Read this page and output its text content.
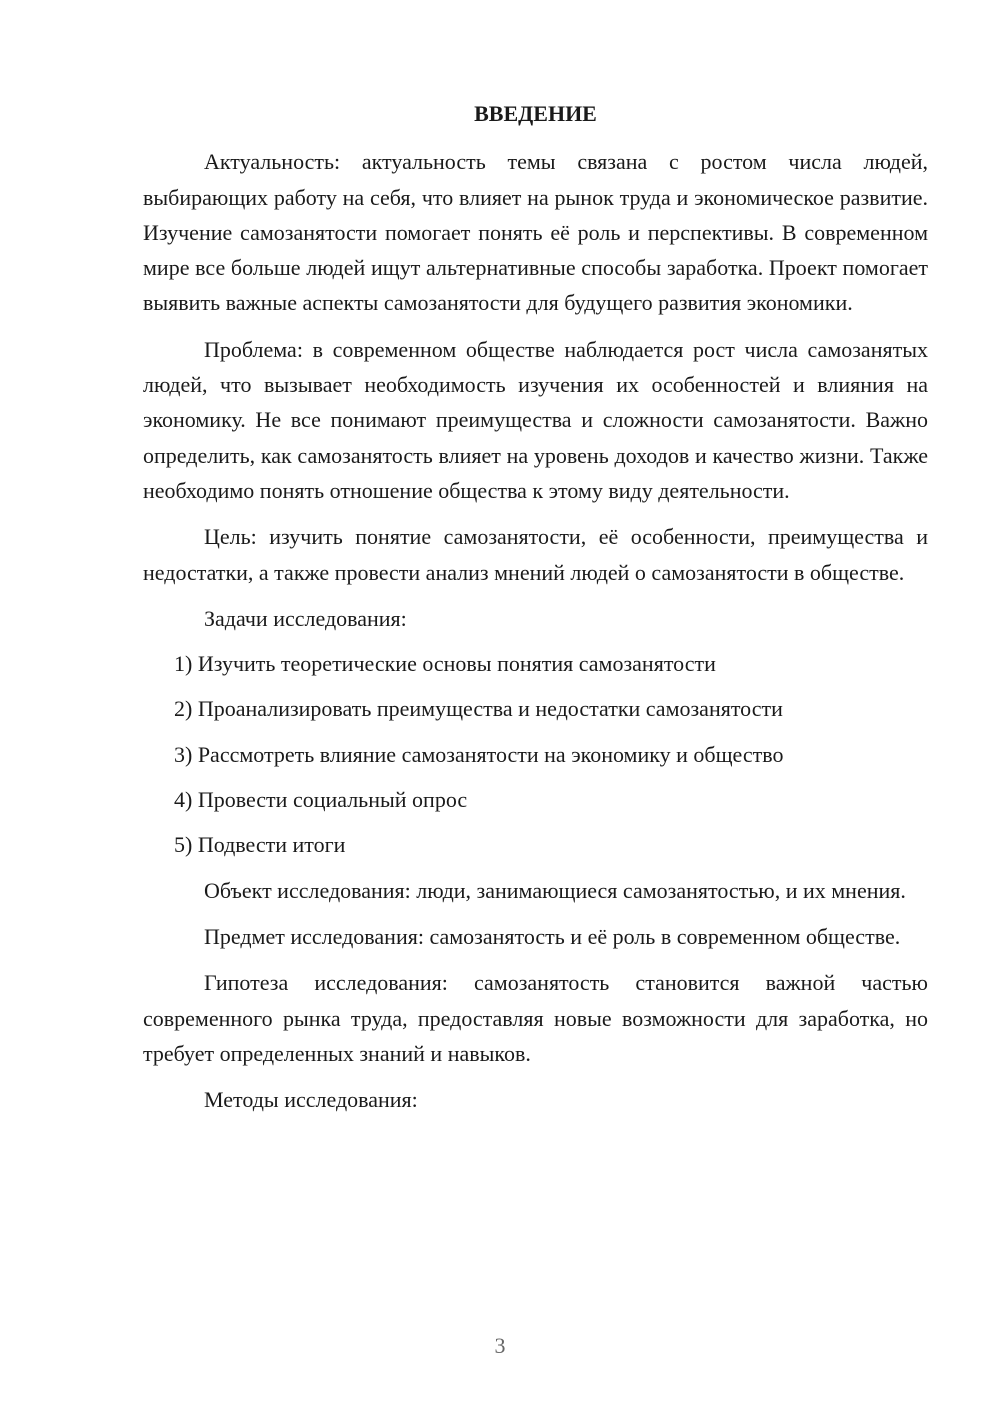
ВВЕДЕНИЕ

Актуальность: актуальность темы связана с ростом числа людей, выбирающих работу на себя, что влияет на рынок труда и экономическое развитие. Изучение самозанятости помогает понять её роль и перспективы. В современном мире все больше людей ищут альтернативные способы заработка. Проект помогает выявить важные аспекты самозанятости для будущего развития экономики.

Проблема: в современном обществе наблюдается рост числа самозанятых людей, что вызывает необходимость изучения их особенностей и влияния на экономику. Не все понимают преимущества и сложности самозанятости. Важно определить, как самозанятость влияет на уровень доходов и качество жизни. Также необходимо понять отношение общества к этому виду деятельности.

Цель: изучить понятие самозанятости, её особенности, преимущества и недостатки, а также провести анализ мнений людей о самозанятости в обществе.

Задачи исследования:

1) Изучить теоретические основы понятия самозанятости
2) Проанализировать преимущества и недостатки самозанятости
3) Рассмотреть влияние самозанятости на экономику и общество
4) Провести социальный опрос
5) Подвести итоги

Объект исследования: люди, занимающиеся самозанятостью, и их мнения.

Предмет исследования: самозанятость и её роль в современном обществе.

Гипотеза исследования: самозанятость становится важной частью современного рынка труда, предоставляя новые возможности для заработка, но требует определенных знаний и навыков.

Методы исследования:

3
